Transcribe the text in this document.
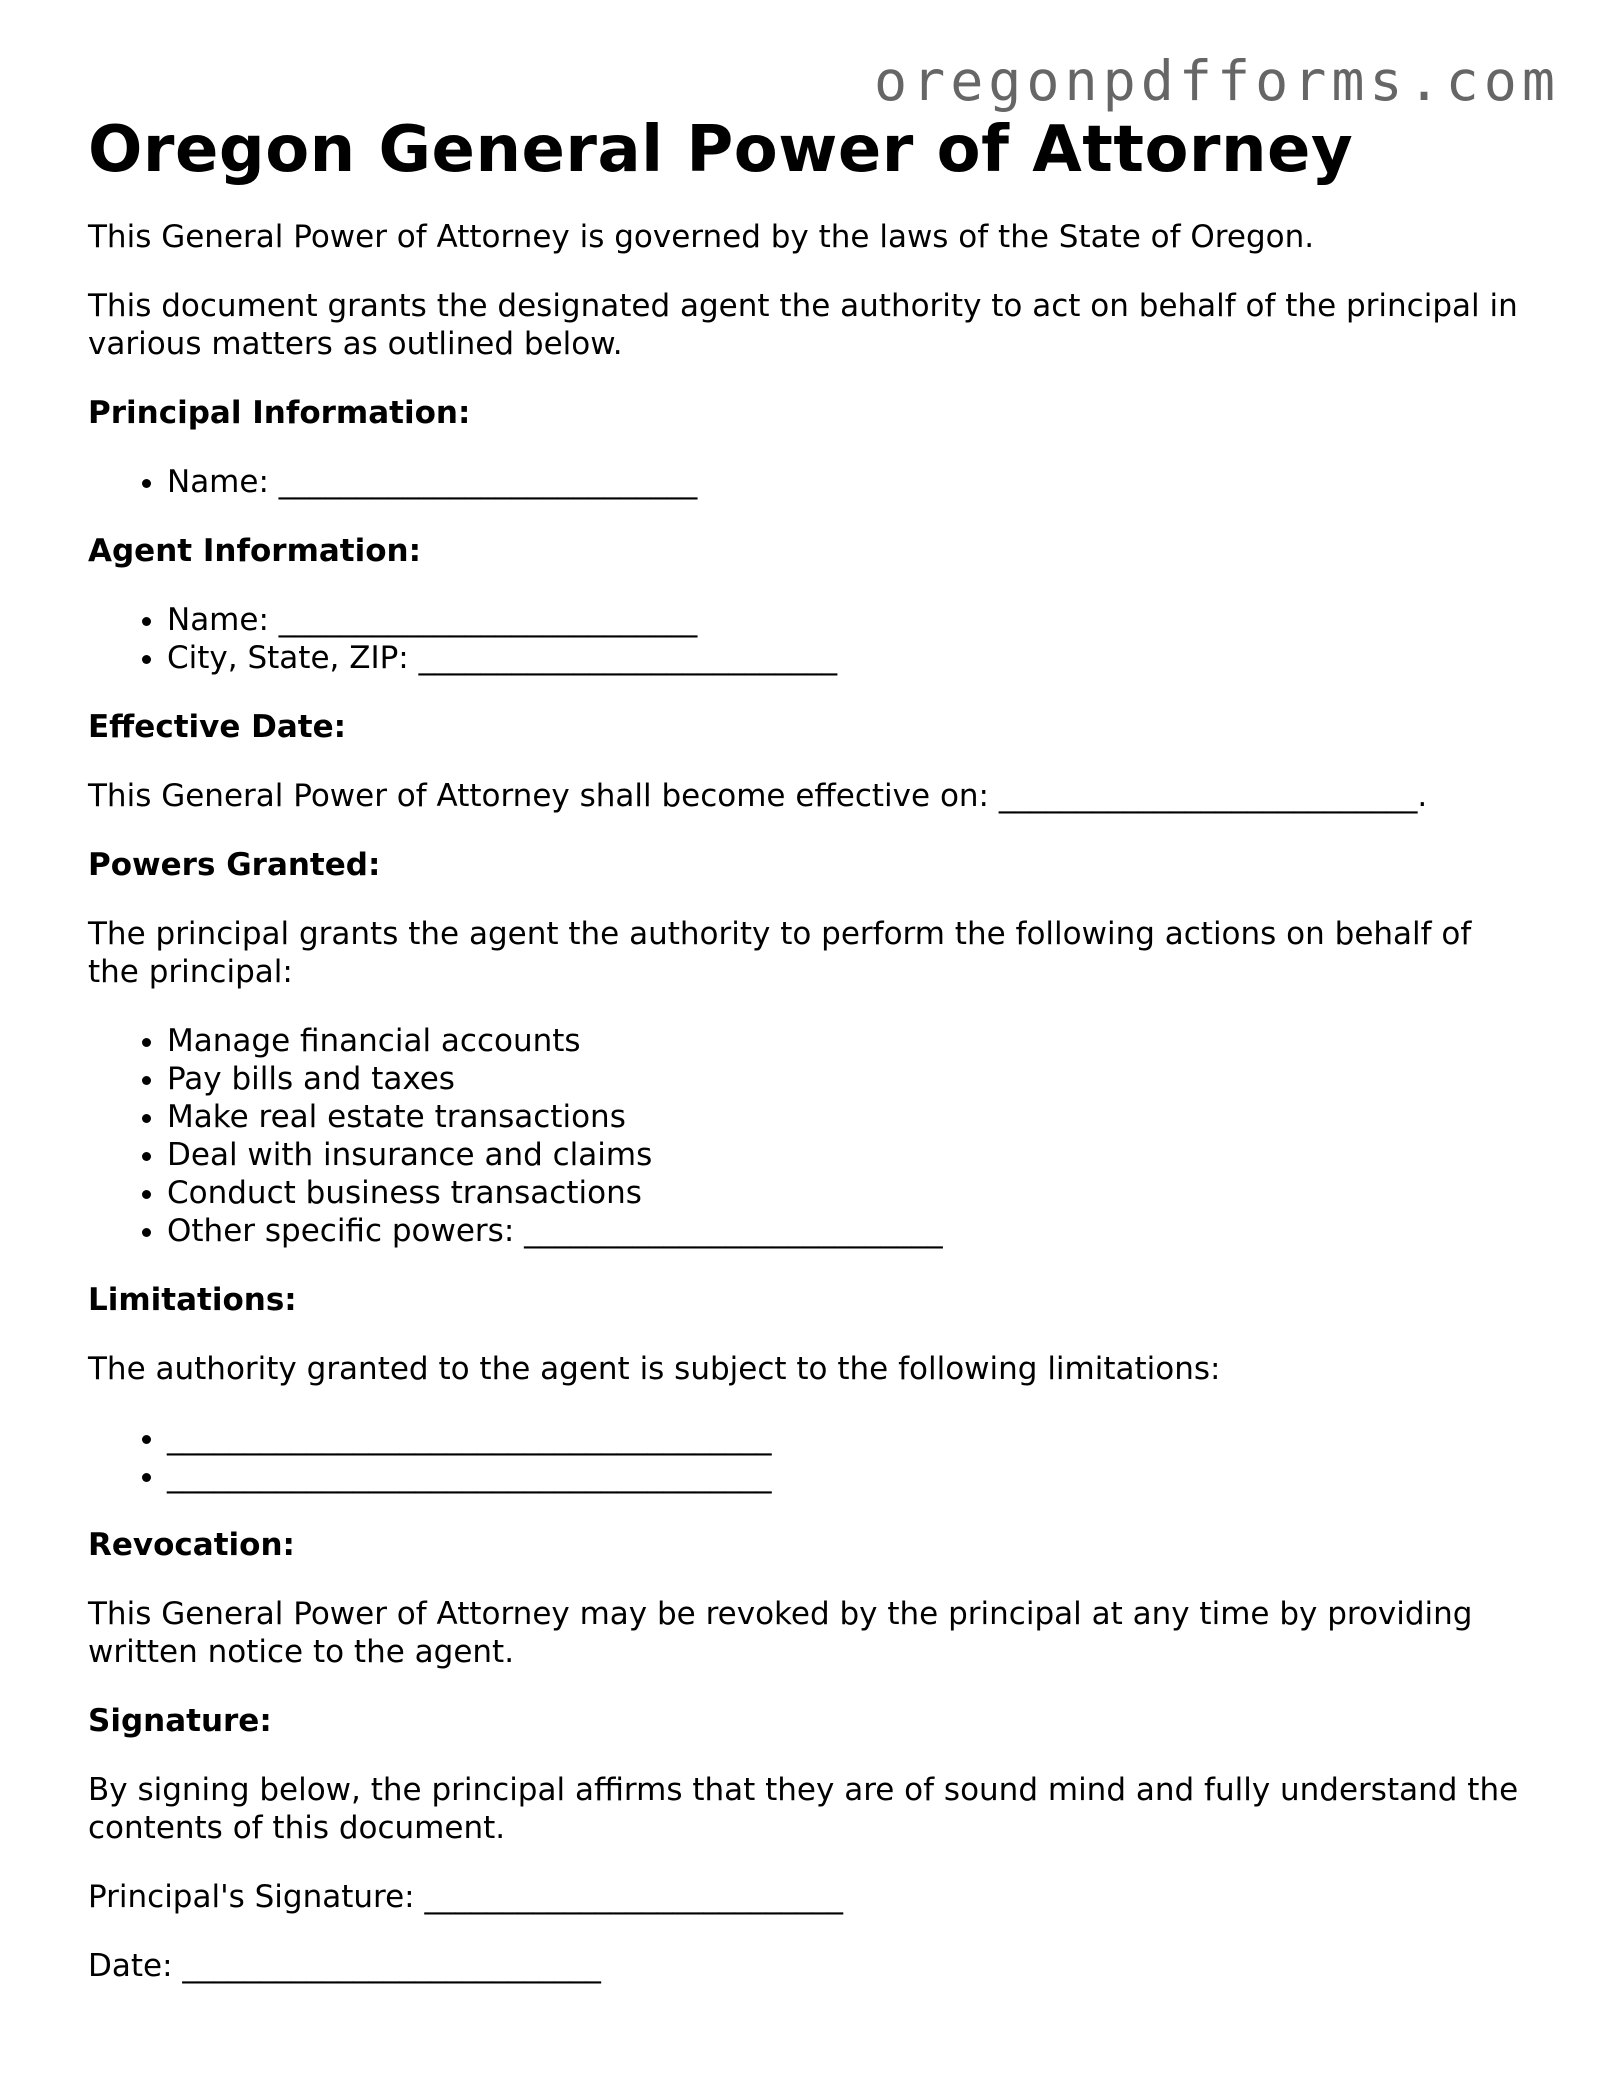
oregonpdfforms.com
Oregon General Power of Attorney

This General Power of Attorney is governed by the laws of the State of Oregon.

This document grants the designated agent the authority to act on behalf of the principal in various matters as outlined below.

Principal Information:
• Name: ___________________________
Agent Information:
• Name: ___________________________
• City, State, ZIP: ___________________________
Effective Date:

This General Power of Attorney shall become effective on: ___________________________.

Powers Granted:

The principal grants the agent the authority to perform the following actions on behalf of the principal:

• Manage financial accounts
• Pay bills and taxes
• Make real estate transactions
• Deal with insurance and claims
• Conduct business transactions
• Other specific powers: ___________________________
Limitations:

The authority granted to the agent is subject to the following limitations:

• _______________________________________
• _______________________________________
Revocation:

This General Power of Attorney may be revoked by the principal at any time by providing written notice to the agent.

Signature:

By signing below, the principal affirms that they are of sound mind and fully understand the contents of this document.

Principal's Signature: ___________________________

Date: ___________________________
